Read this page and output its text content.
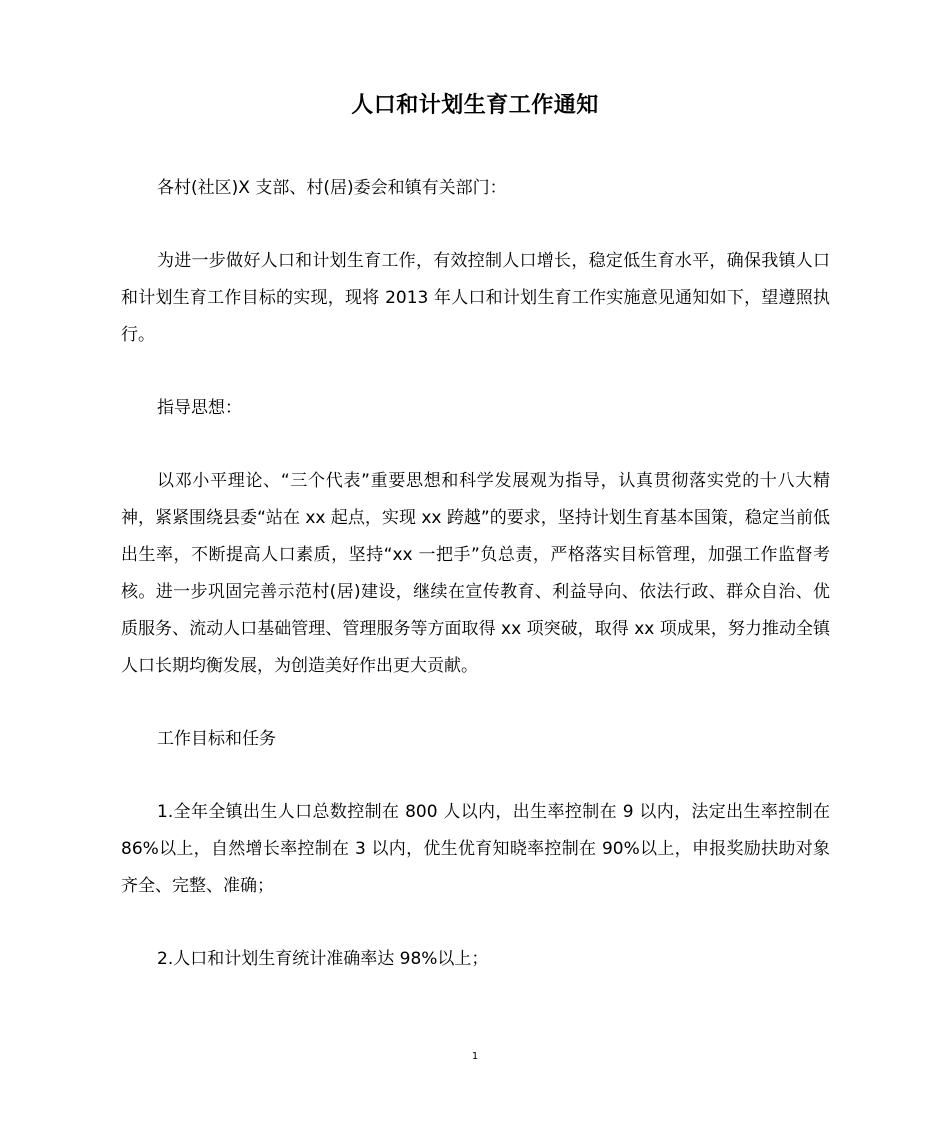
人口和计划生育工作通知

各村(社区)X 支部、村(居)委会和镇有关部门：

为进一步做好人口和计划生育工作，有效控制人口增长，稳定低生育水平，确保我镇人口和计划生育工作目标的实现，现将 2013 年人口和计划生育工作实施意见通知如下，望遵照执行。

指导思想：

以邓小平理论、“三个代表”重要思想和科学发展观为指导，认真贯彻落实党的十八大精神，紧紧围绕县委“站在 xx 起点，实现 xx 跨越”的要求，坚持计划生育基本国策，稳定当前低出生率，不断提高人口素质，坚持“xx 一把手”负总责，严格落实目标管理，加强工作监督考核。进一步巩固完善示范村(居)建设，继续在宣传教育、利益导向、依法行政、群众自治、优质服务、流动人口基础管理、管理服务等方面取得 xx 项突破，取得 xx 项成果，努力推动全镇人口长期均衡发展，为创造美好作出更大贡献。

工作目标和任务

1.全年全镇出生人口总数控制在 800 人以内，出生率控制在 9 以内，法定出生率控制在 86%以上，自然增长率控制在 3 以内，优生优育知晓率控制在 90%以上，申报奖励扶助对象齐全、完整、准确；

2.人口和计划生育统计准确率达 98%以上；

1
